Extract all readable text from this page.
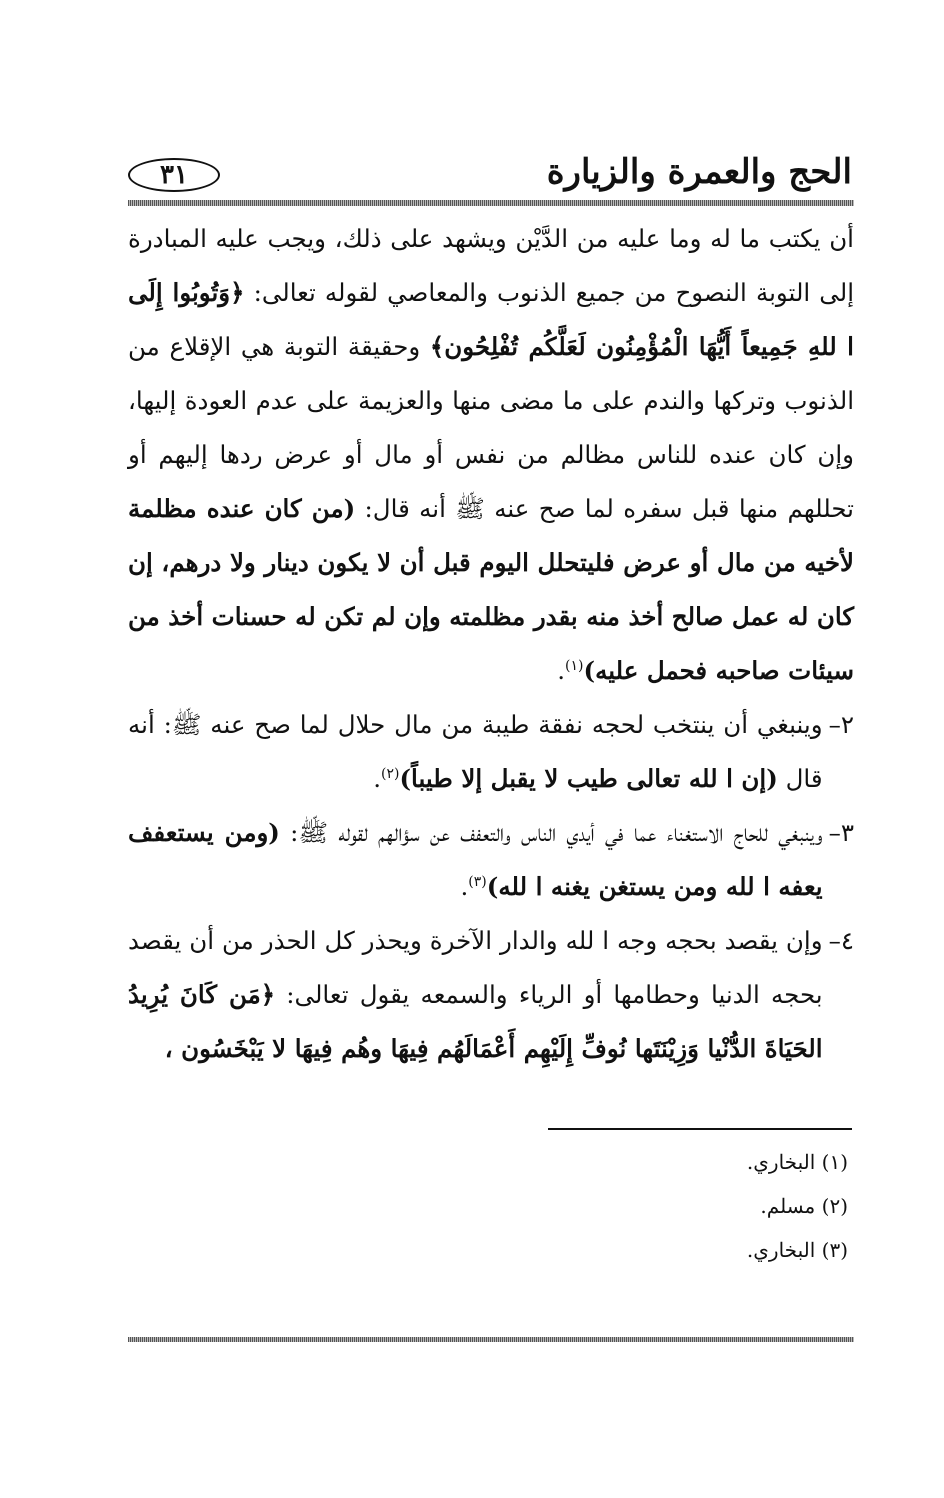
٣١	الحج والعمرة والزيارة

أن يكتب ما له وما عليه من الدَّيْن ويشهد على ذلك، ويجب عليه المبادرة إلى التوبة النصوح من جميع الذنوب والمعاصي لقوله تعالى: ﴿وَتُوبُوا إِلَى ا للهِ جَمِيعاً أَيُّهَا الْمُؤْمِنُون لَعَلَّكُم تُفْلِحُون﴾ وحقيقة التوبة هي الإقلاع من الذنوب وتركها والندم على ما مضى منها والعزيمة على عدم العودة إليها، وإن كان عنده للناس مظالم من نفس أو مال أو عرض ردها إليهم أو تحللهم منها قبل سفره لما صح عنه ﷺ أنه قال: (من كان عنده مظلمة لأخيه من مال أو عرض فليتحلل اليوم قبل أن لا يكون دينار ولا درهم، إن كان له عمل صالح أخذ منه بقدر مظلمته وإن لم تكن له حسنات أخذ من سيئات صاحبه فحمل عليه)$^{(١)}$.

٢–
وينبغي أن ينتخب لحجه نفقة طيبة من مال حلال لما صح عنه ﷺ: أنه قال (إن ا لله تعالى طيب لا يقبل إلا طيباً)$^{(٢)}$.
٣–
وينبغي للحاج الاستغناء عما في أيدي الناس والتعفف عن سؤالهم لقوله ﷺ: (ومن يستعفف يعفه ا لله ومن يستغن يغنه ا لله)$^{(٣)}$.
٤–
وإن يقصد بحجه وجه ا لله والدار الآخرة ويحذر كل الحذر من أن يقصد بحجه الدنيا وحطامها أو الرياء والسمعه يقول تعالى: ﴿مَن كَانَ يُرِيدُ الحَيَاةَ الدُّنْيا وَزِيْنَتَها نُوفِّ إِلَيْهِم أَعْمَالَهُم فِيهَا وهُم فِيهَا لا يَبْخَسُون ،
(١) البخاري.
(٢) مسلم.
(٣) البخاري.
